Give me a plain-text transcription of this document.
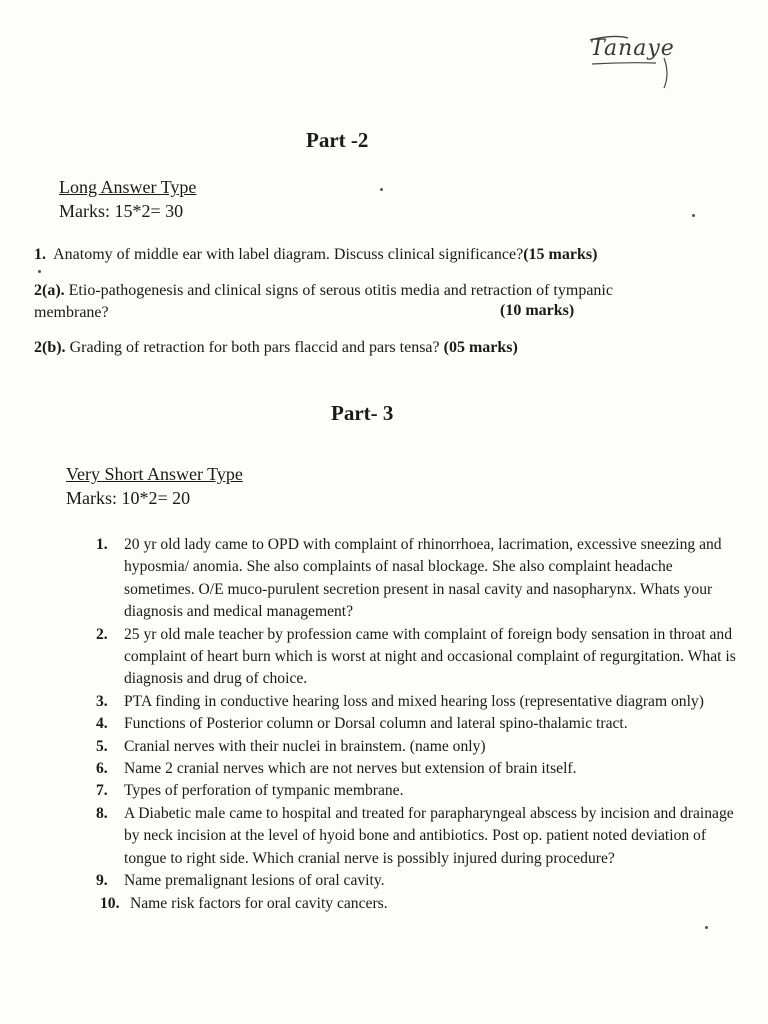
Tanaye
Part -2
Long Answer Type
Marks: 15*2= 30
1. Anatomy of middle ear with label diagram. Discuss clinical significance?(15 marks)
2(a). Etio-pathogenesis and clinical signs of serous otitis media and retraction of tympanic
membrane?	(10 marks)
2(b). Grading of retraction for both pars flaccid and pars tensa? (05 marks)
Part- 3
Very Short Answer Type
Marks: 10*2= 20
1. 20 yr old lady came to OPD with complaint of rhinorrhoea, lacrimation, excessive sneezing and hyposmia/ anomia. She also complaints of nasal blockage. She also complaint headache sometimes. O/E muco-purulent secretion present in nasal cavity and nasopharynx. Whats your diagnosis and medical management?
2. 25 yr old male teacher by profession came with complaint of foreign body sensation in throat and complaint of heart burn which is worst at night and occasional complaint of regurgitation. What is diagnosis and drug of choice.
3. PTA finding in conductive hearing loss and mixed hearing loss (representative diagram only)
4. Functions of Posterior column or Dorsal column and lateral spino-thalamic tract.
5. Cranial nerves with their nuclei in brainstem. (name only)
6. Name 2 cranial nerves which are not nerves but extension of brain itself.
7. Types of perforation of tympanic membrane.
8. A Diabetic male came to hospital and treated for parapharyngeal abscess by incision and drainage by neck incision at the level of hyoid bone and antibiotics. Post op. patient noted deviation of tongue to right side. Which cranial nerve is possibly injured during procedure?
9. Name premalignant lesions of oral cavity.
10. Name risk factors for oral cavity cancers.
